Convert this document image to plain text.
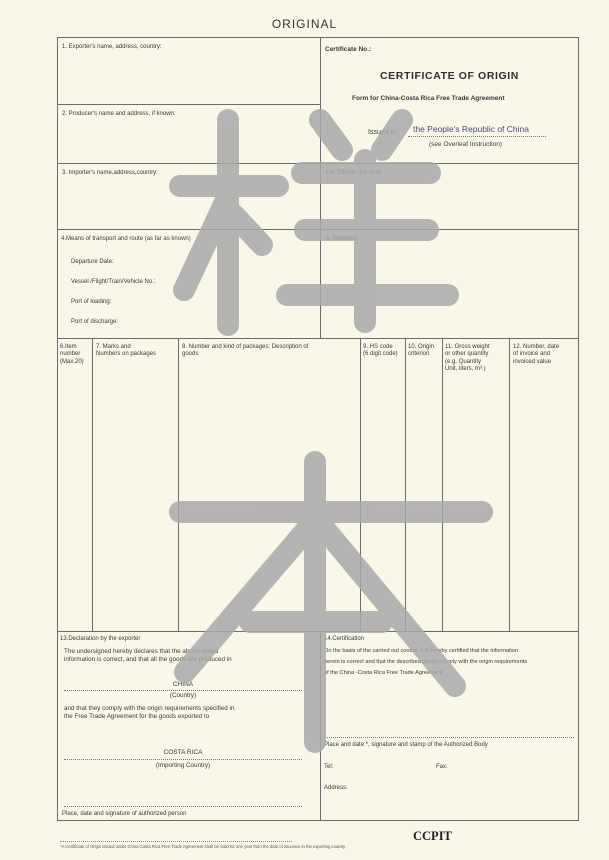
ORIGINAL
1. Exporter's name, address, country:
2. Producer's name and address, if known:
3. Importer's name,address,country:
4.Means of transport and route (as far as known)
Departure Date:
Vessel /Flight/Train/Vehicle No.:
Port of loading:
Port of discharge:
Certificate No.:
CERTIFICATE OF ORIGIN
Form for China-Costa Rica Free Trade Agreement
Issued in the People's Republic of China
(see Overleaf Instruction)
For Official Use Only:
5. Remarks:
6.Item
number
(Max.20)
7. Marks and
Numbers on packages
8. Number and kind of packages; Description of
goods
9. HS code
(6 digit code)
10. Origin
criterion
11. Gross weight
or other quantity
(e.g. Quantity
Unit, liters, m³.)
12. Number, date
of invoice and
invoiced value
13.Declaration by the exporter
The undersigned hereby declares that the above stated
information is correct, and that all the goods are produced in
CHINA
(Country)
and that they comply with the origin requirements specified in
the Free Trade Agreement for the goods exported to
COSTA RICA
(Importing Country)
Place, date and signature of authorized person
14.Certification
On the basis of the carried out control, it is hereby certified that the information
herein is correct and that the described goods comply with the origin requirements
of the China -Costa Rica Free Trade Agreement
Place and date *, signature and stamp of the Authorized Body
Tel:	Fax:
Address:
*A Certificate of Origin issued under China-Costa Rica Free Trade Agreement shall be valid for one year from the date of issuance in the exporting country.
CCPIT
